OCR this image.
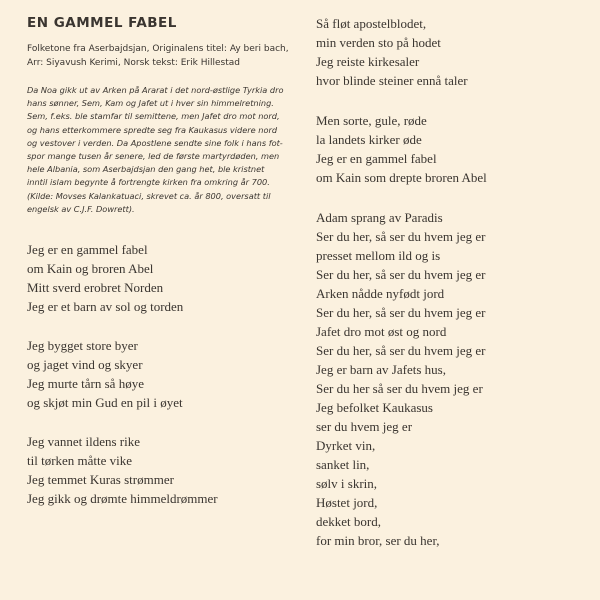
EN GAMMEL FABEL
Folketone fra Aserbajdsjan, Originalens titel: Ay beri bach,
Arr: Siyavush Kerimi, Norsk tekst: Erik Hillestad
Da Noa gikk ut av Arken på Ararat i det nord-østlige Tyrkia dro
hans sønner, Sem, Kam og Jafet ut i hver sin himmelretning.
Sem, f.eks. ble stamfar til semittene, men Jafet dro mot nord,
og hans etterkommere spredte seg fra Kaukasus videre nord
og vestover i verden. Da Apostlene sendte sine folk i hans fot-
spor mange tusen år senere, led de første martyrdøden, men
hele Albania, som Aserbajdsjan den gang het, ble kristnet
inntil islam begynte å fortrengte kirken fra omkring år 700.
(Kilde: Movses Kalankatuaci, skrevet ca. år 800, oversatt til
engelsk av C.J.F. Dowrett).
Jeg er en gammel fabel
om Kain og broren Abel
Mitt sverd erobret Norden
Jeg er et barn av sol og torden
Jeg bygget store byer
og jaget vind og skyer
Jeg murte tårn så høye
og skjøt min Gud en pil i øyet
Jeg vannet ildens rike
til tørken måtte vike
Jeg temmet Kuras strømmer
Jeg gikk og drømte himmeldrømmer
Så fløt apostelblodet,
min verden sto på hodet
Jeg reiste kirkesaler
hvor blinde steiner ennå taler
Men sorte, gule, røde
la landets kirker øde
Jeg er en gammel fabel
om Kain som drepte broren Abel
Adam sprang av Paradis
Ser du her, så ser du hvem jeg er
presset mellom ild og is
Ser du her, så ser du hvem jeg er
Arken nådde nyfødt jord
Ser du her, så ser du hvem jeg er
Jafet dro mot øst og nord
Ser du her, så ser du hvem jeg er
Jeg er barn av Jafets hus,
Ser du her så ser du hvem jeg er
Jeg befolket Kaukasus
ser du hvem jeg er
Dyrket vin,
sanket lin,
sølv i skrin,
Høstet jord,
dekket bord,
for min bror, ser du her,
